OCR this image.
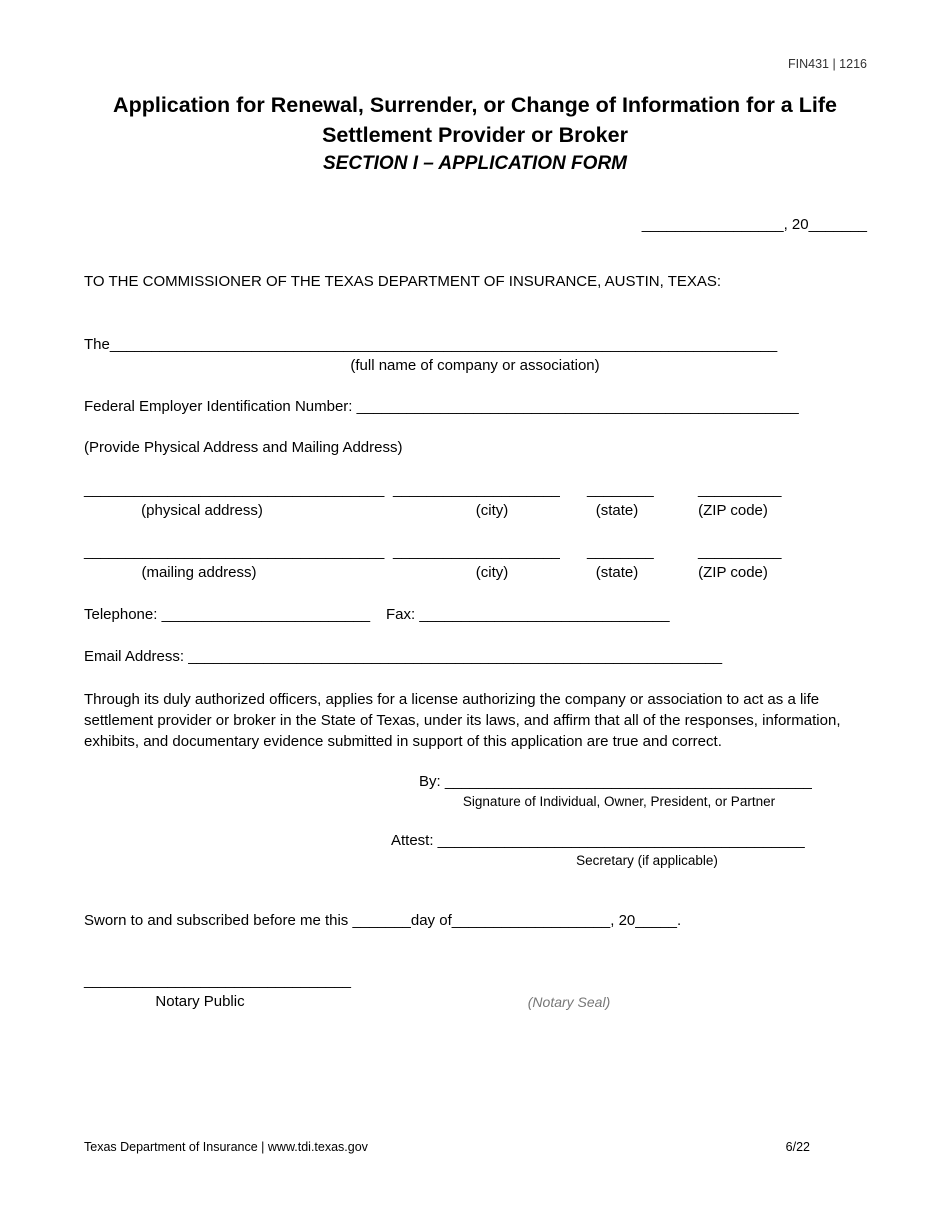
FIN431 | 1216
Application for Renewal, Surrender, or Change of Information for a Life
Settlement Provider or Broker
SECTION I – APPLICATION FORM
_________________, 20_______
TO THE COMMISSIONER OF THE TEXAS DEPARTMENT OF INSURANCE, AUSTIN, TEXAS:
The________________________________________________________________________________
(full name of company or association)
Federal Employer Identification Number: _____________________________________________________
(Provide Physical Address and Mailing Address)
____________________________________ ____________________ ________	__________
(physical address)	(city)	(state)	(ZIP code)
____________________________________ ____________________ ________	__________
(mailing address)	(city)	(state)	(ZIP code)
Telephone: _________________________ Fax: ______________________________
Email Address: ________________________________________________________________
Through its duly authorized officers, applies for a license authorizing the company or association to act as a life settlement provider or broker in the State of Texas, under its laws, and affirm that all of the responses, information, exhibits, and documentary evidence submitted in support of this application are true and correct.
By: ____________________________________________
Signature of Individual, Owner, President, or Partner
Attest: ____________________________________________
Secretary (if applicable)
Sworn to and subscribed before me this _______day of___________________, 20_____.
________________________________
Notary Public	(Notary Seal)
Texas Department of Insurance | www.tdi.texas.gov	6/22
